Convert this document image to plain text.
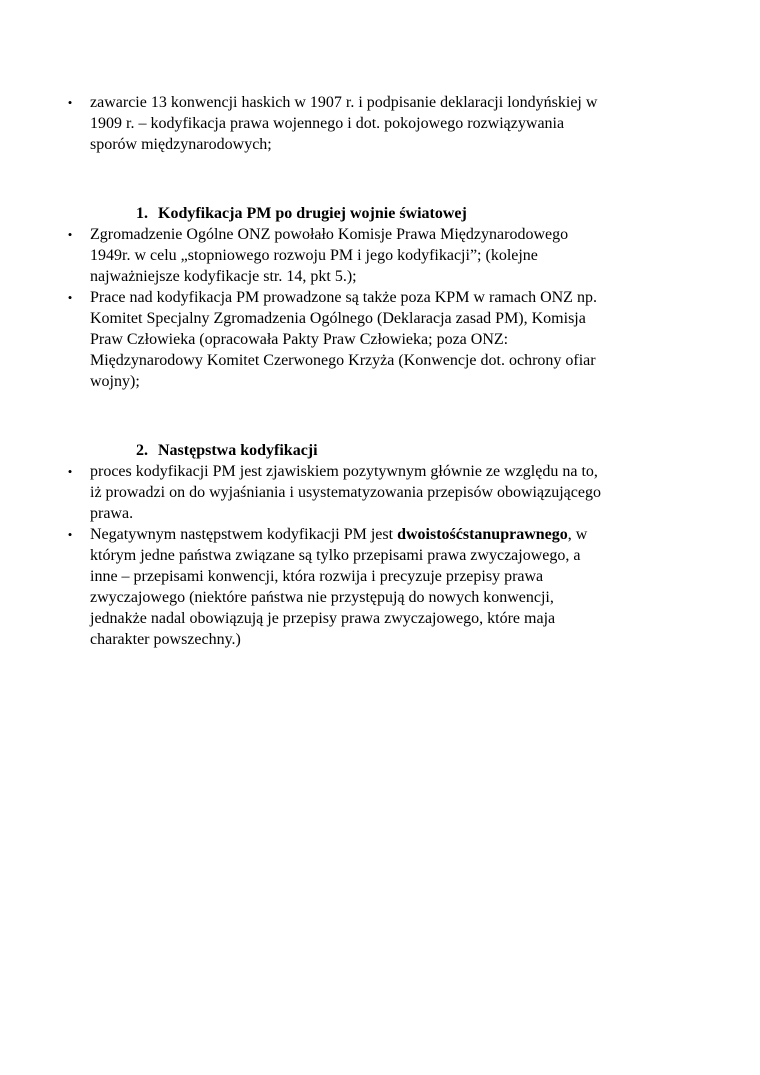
• zawarcie 13 konwencji haskich w 1907 r. i podpisanie deklaracji londyńskiej w
1909 r. – kodyfikacja prawa wojennego i dot. pokojowego rozwiązywania
sporów międzynarodowych;
1. Kodyfikacja PM po drugiej wojnie światowej
• Zgromadzenie Ogólne ONZ powołało Komisje Prawa Międzynarodowego
1949r. w celu „stopniowego rozwoju PM i jego kodyfikacji”; (kolejne
najważniejsze kodyfikacje str. 14, pkt 5.);
• Prace nad kodyfikacja PM prowadzone są także poza KPM w ramach ONZ np.
Komitet Specjalny Zgromadzenia Ogólnego (Deklaracja zasad PM), Komisja
Praw Człowieka (opracowała Pakty Praw Człowieka; poza ONZ:
Międzynarodowy Komitet Czerwonego Krzyża (Konwencje dot. ochrony ofiar
wojny);
2. Następstwa kodyfikacji
• proces kodyfikacji PM jest zjawiskiem pozytywnym głównie ze względu na to,
iż prowadzi on do wyjaśniania i usystematyzowania przepisów obowiązującego
prawa.
• Negatywnym następstwem kodyfikacji PM jest dwoistośćstanuprawnego, w
którym jedne państwa związane są tylko przepisami prawa zwyczajowego, a
inne – przepisami konwencji, która rozwija i precyzuje przepisy prawa
zwyczajowego (niektóre państwa nie przystępują do nowych konwencji,
jednakże nadal obowiązują je przepisy prawa zwyczajowego, które maja
charakter powszechny.)
